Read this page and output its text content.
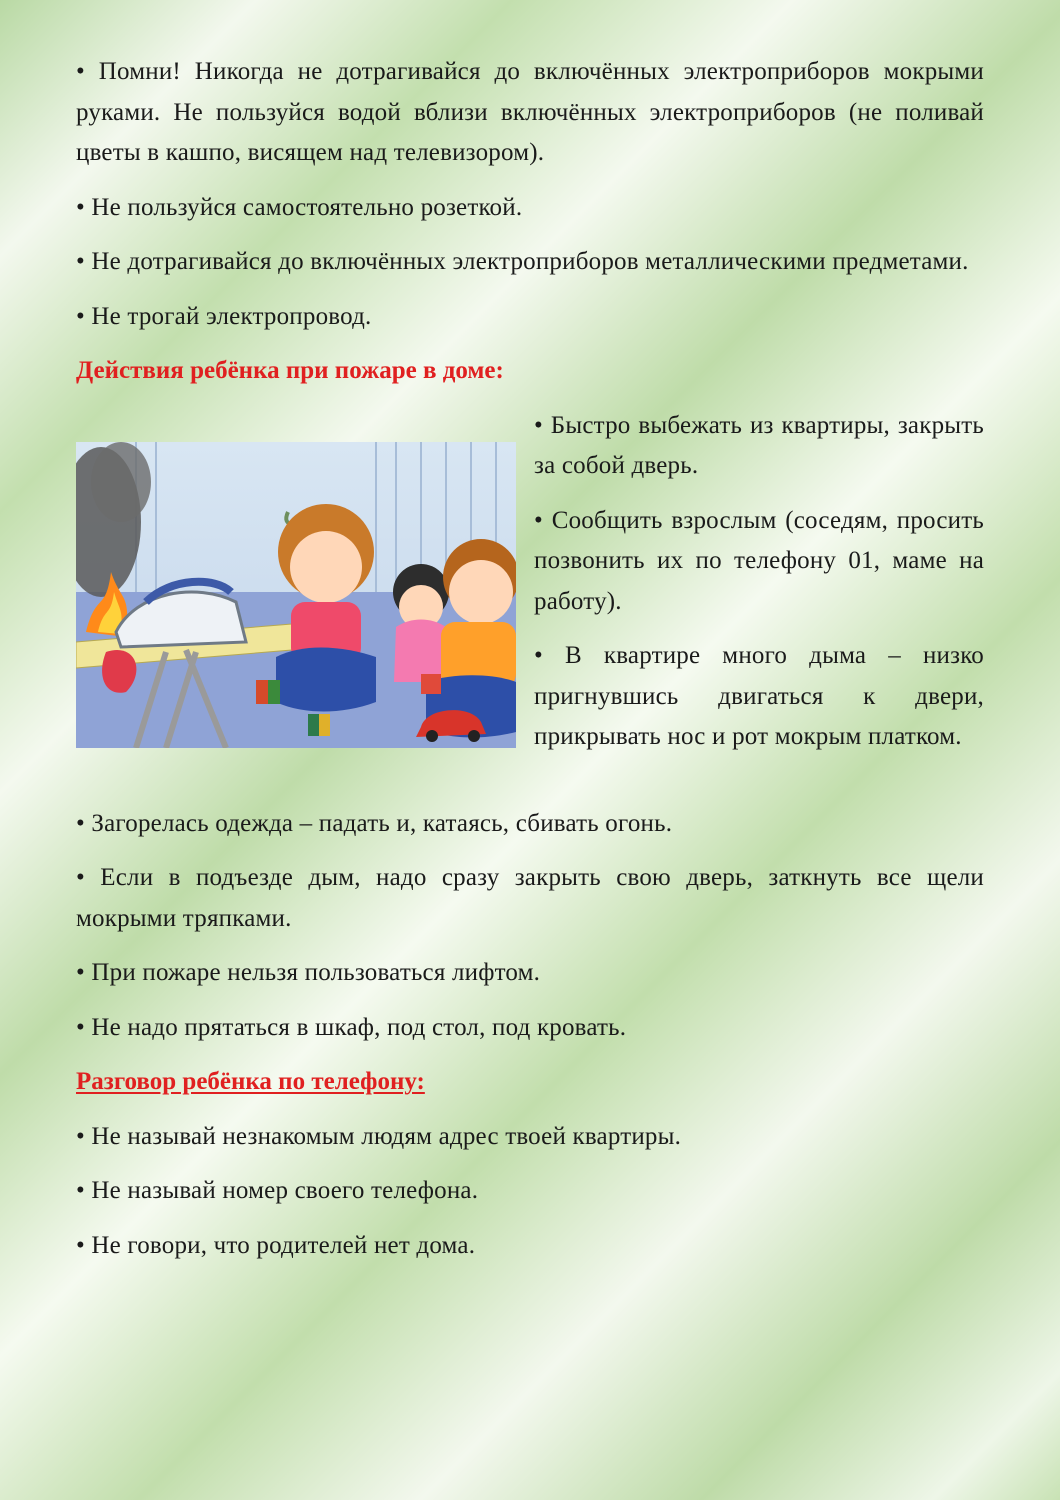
• Помни! Никогда не дотрагивайся до включённых электроприборов мокрыми руками. Не пользуйся водой вблизи включённых электроприборов (не поливай цветы в кашпо, висящем над телевизором).

• Не пользуйся самостоятельно розеткой.

• Не дотрагивайся до включённых электроприборов металлическими предметами.

• Не трогай электропровод.

Действия ребёнка при пожаре в доме:

• Быстро выбежать из квартиры, закрыть за собой дверь.

• Сообщить взрослым (соседям, просить позвонить их по телефону 01, маме на работу).

• В квартире много дыма – низко пригнувшись двигаться к двери, прикрывать нос и рот мокрым платком.

• Загорелась одежда – падать и, катаясь, сбивать огонь.

• Если в подъезде дым, надо сразу закрыть свою дверь, заткнуть все щели мокрыми тряпками.

• При пожаре нельзя пользоваться лифтом.

• Не надо прятаться в шкаф, под стол, под кровать.

Разговор ребёнка по телефону:

• Не называй незнакомым людям адрес твоей квартиры.

• Не называй номер своего телефона.

• Не говори, что родителей нет дома.
